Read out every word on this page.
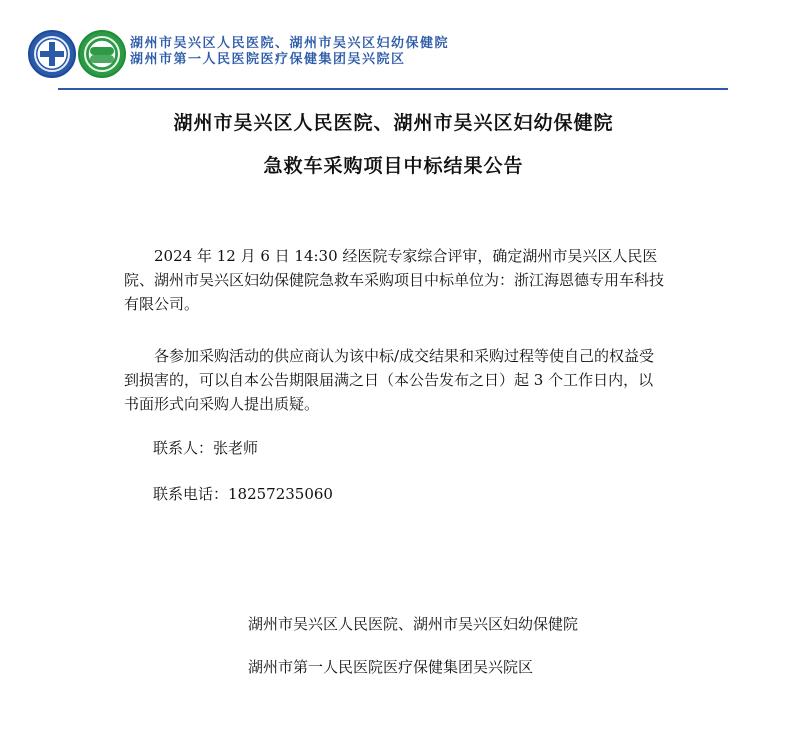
湖州市吴兴区人民医院、湖州市吴兴区妇幼保健院
湖州市第一人民医院医疗保健集团吴兴院区
湖州市吴兴区人民医院、湖州市吴兴区妇幼保健院
急救车采购项目中标结果公告
2024 年 12 月 6 日 14:30 经医院专家综合评审，确定湖州市吴兴区人民医院、湖州市吴兴区妇幼保健院急救车采购项目中标单位为：浙江海恩德专用车科技有限公司。
各参加采购活动的供应商认为该中标/成交结果和采购过程等使自己的权益受到损害的，可以自本公告期限届满之日（本公告发布之日）起 3 个工作日内，以书面形式向采购人提出质疑。
联系人：张老师
联系电话：18257235060
湖州市吴兴区人民医院、湖州市吴兴区妇幼保健院
湖州市第一人民医院医疗保健集团吴兴院区
